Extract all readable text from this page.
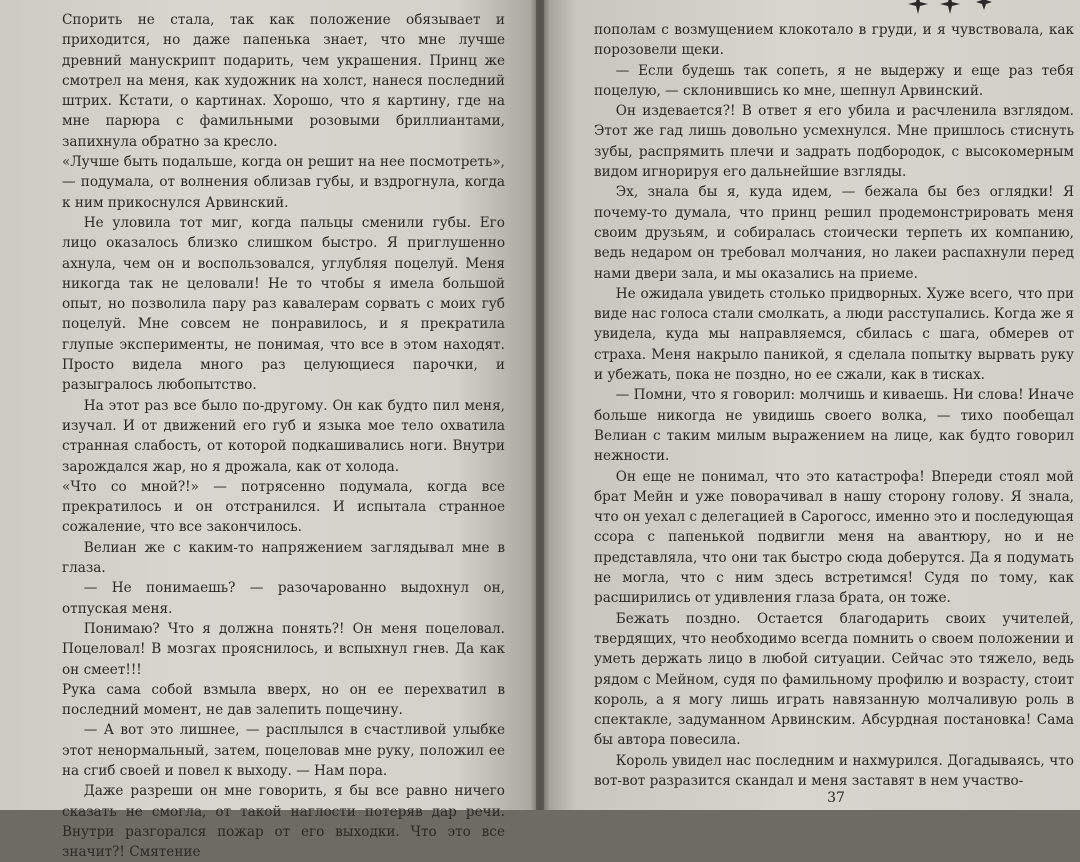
Спорить не стала, так как положение обязывает и приходится, но даже папенька знает, что мне лучше древний манускрипт подарить, чем украшения. Принц же смотрел на меня, как художник на холст, нанеся последний штрих. Кстати, о картинах. Хорошо, что я картину, где на мне парюра с фамильными розовыми бриллиантами, запихнула обратно за кресло.

«Лучше быть подальше, когда он решит на нее посмотреть», — подумала, от волнения облизав губы, и вздрогнула, когда к ним прикоснулся Арвинский.

Не уловила тот миг, когда пальцы сменили губы. Его лицо оказалось близко слишком быстро. Я приглушенно ахнула, чем он и воспользовался, углубляя поцелуй. Меня никогда так не целовали! Не то чтобы я имела большой опыт, но позволила пару раз кавалерам сорвать с моих губ поцелуй. Мне совсем не понравилось, и я прекратила глупые эксперименты, не понимая, что все в этом находят. Просто видела много раз целующиеся парочки, и разыгралось любопытство.

На этот раз все было по-другому. Он как будто пил меня, изучал. И от движений его губ и языка мое тело охватила странная слабость, от которой подкашивались ноги. Внутри зарождался жар, но я дрожала, как от холода.

«Что со мной?!» — потрясенно подумала, когда все прекратилось и он отстранился. И испытала странное сожаление, что все закончилось.

Велиан же с каким-то напряжением заглядывал мне в глаза.

— Не понимаешь? — разочарованно выдохнул он, отпуская меня.

Понимаю? Что я должна понять?! Он меня поцеловал. Поцеловал! В мозгах прояснилось, и вспыхнул гнев. Да как он смеет!!!

Рука сама собой взмыла вверх, но он ее перехватил в последний момент, не дав залепить пощечину.

— А вот это лишнее, — расплылся в счастливой улыбке этот ненормальный, затем, поцеловав мне руку, положил ее на сгиб своей и повел к выходу. — Нам пора.

Даже разреши он мне говорить, я бы все равно ничего сказать не смогла, от такой наглости потеряв дар речи. Внутри разгорался пожар от его выходки. Что это все значит?! Смятение

пополам с возмущением клокотало в груди, и я чувствовала, как порозовели щеки.

— Если будешь так сопеть, я не выдержу и еще раз тебя поцелую, — склонившись ко мне, шепнул Арвинский.

Он издевается?! В ответ я его убила и расчленила взглядом. Этот же гад лишь довольно усмехнулся. Мне пришлось стиснуть зубы, распрямить плечи и задрать подбородок, с высокомерным видом игнорируя его дальнейшие взгляды.

Эх, знала бы я, куда идем, — бежала бы без оглядки! Я почему-то думала, что принц решил продемонстрировать меня своим друзьям, и собиралась стоически терпеть их компанию, ведь недаром он требовал молчания, но лакеи распахнули перед нами двери зала, и мы оказались на приеме.

Не ожидала увидеть столько придворных. Хуже всего, что при виде нас голоса стали смолкать, а люди расступались. Когда же я увидела, куда мы направляемся, сбилась с шага, обмерев от страха. Меня накрыло паникой, я сделала попытку вырвать руку и убежать, пока не поздно, но ее сжали, как в тисках.

— Помни, что я говорил: молчишь и киваешь. Ни слова! Иначе больше никогда не увидишь своего волка, — тихо пообещал Велиан с таким милым выражением на лице, как будто говорил нежности.

Он еще не понимал, что это катастрофа! Впереди стоял мой брат Мейн и уже поворачивал в нашу сторону голову. Я знала, что он уехал с делегацией в Сарогосс, именно это и последующая ссора с папенькой подвигли меня на авантюру, но и не представляла, что они так быстро сюда доберутся. Да я подумать не могла, что с ним здесь встретимся! Судя по тому, как расширились от удивления глаза брата, он тоже.

Бежать поздно. Остается благодарить своих учителей, твердящих, что необходимо всегда помнить о своем положении и уметь держать лицо в любой ситуации. Сейчас это тяжело, ведь рядом с Мейном, судя по фамильному профилю и возрасту, стоит король, а я могу лишь играть навязанную молчаливую роль в спектакле, задуманном Арвинским. Абсурдная постановка! Сама бы автора повесила.

Король увидел нас последним и нахмурился. Догадываясь, что вот-вот разразится скандал и меня заставят в нем участво-

37
